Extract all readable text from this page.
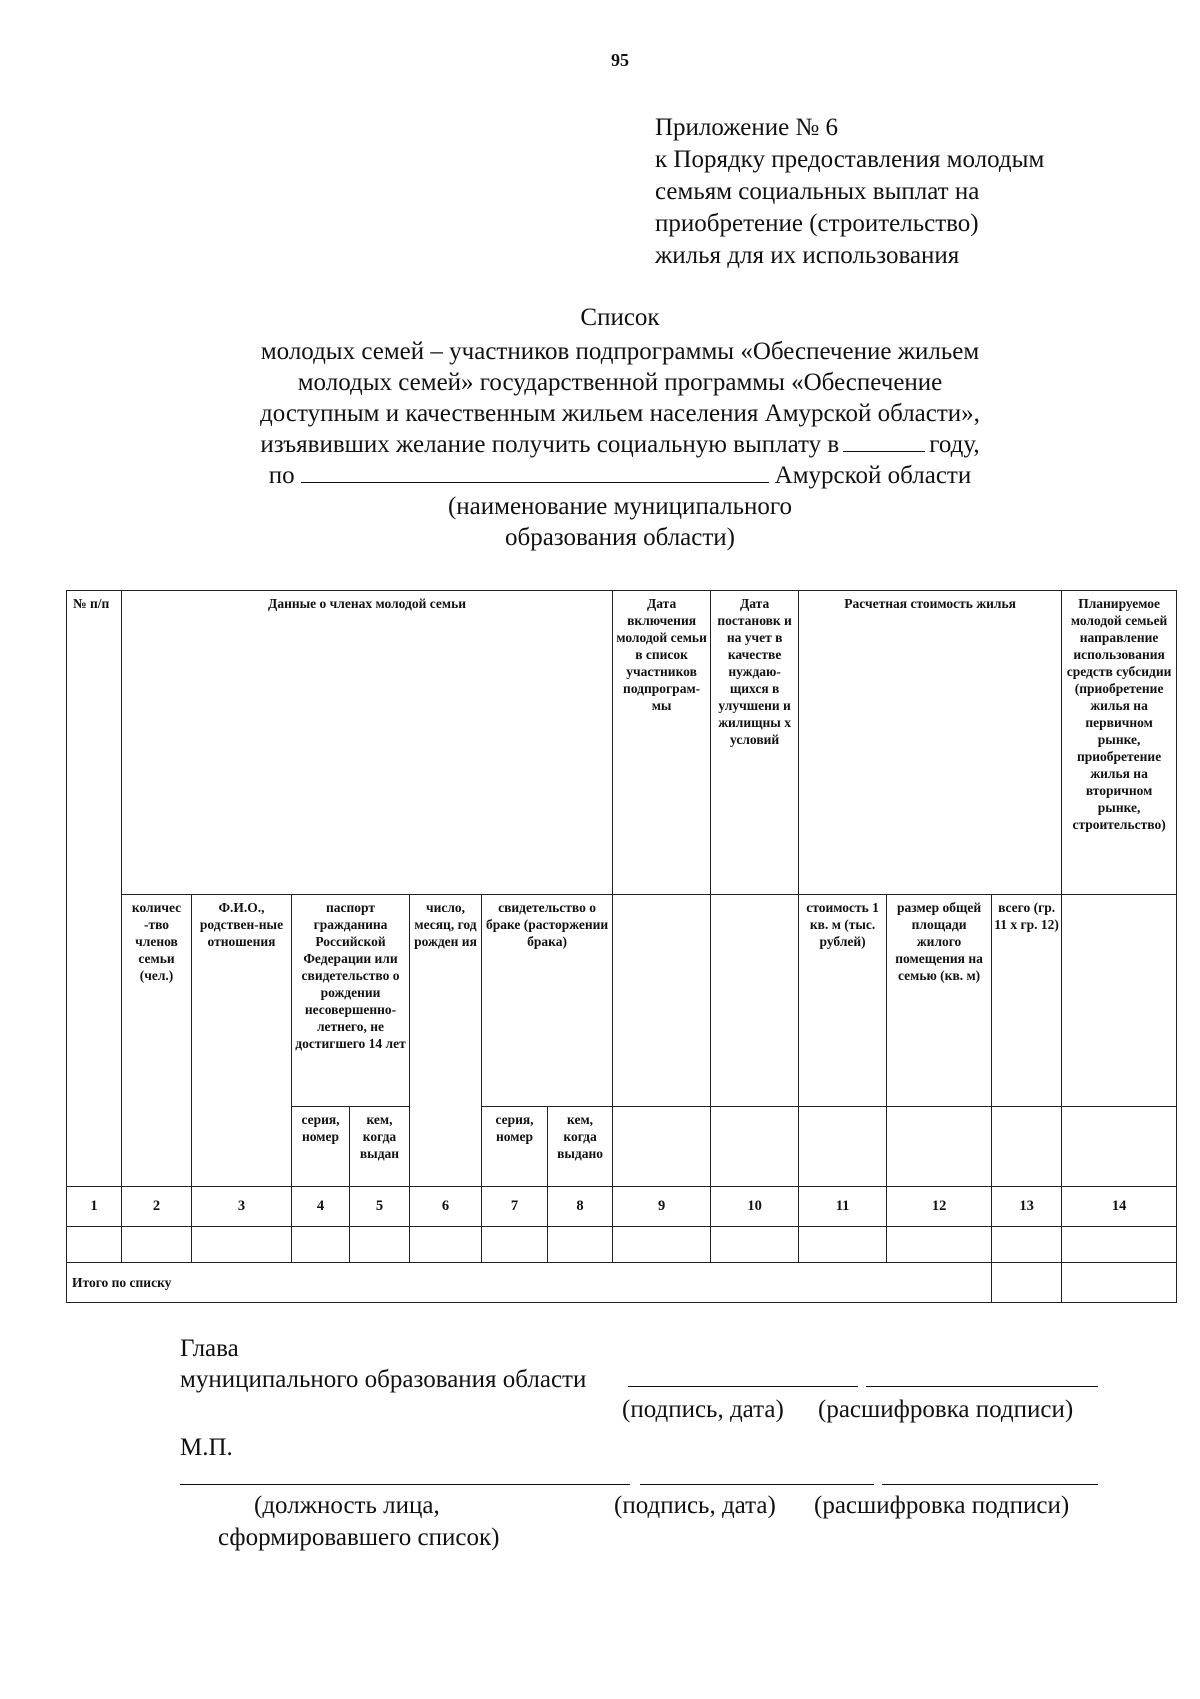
95
Приложение № 6
к Порядку предоставления молодым
семьям социальных выплат на
приобретение (строительство)
жилья для их использования
Список
молодых семей – участников подпрограммы «Обеспечение жильем
молодых семей» государственной программы «Обеспечение
доступным и качественным жильем населения Амурской области»,
изъявивших желание получить социальную выплату в	году,
по	Амурской области
(наименование муниципального
образования области)
№ п/п	Данные о членах молодой семьи							Дата включения молодой семьи в список участников подпрограм-мы	Дата постановк и на учет в качестве нуждаю-щихся в улучшени и жилищны х условий	Расчетная стоимость жилья			Планируемое молодой семьей направление использования средств субсидии (приобретение жилья на первичном рынке, приобретение жилья на вторичном рынке, строительство)
	количес -тво членов семьи (чел.)	Ф.И.О., родствен-ные отношения	паспорт гражданина Российской Федерации или свидетельство о рождении несовершенно-летнего, не достигшего 14 лет		число, месяц, год рожден ия	свидетельство о браке (расторжении брака)				стоимость 1 кв. м (тыс. рублей)	размер общей площади жилого помещения на семью (кв. м)	всего (гр. 11 х гр. 12)	
			серия, номер	кем, когда выдан		серия, номер	кем, когда выдано						
1	2	3	4	5	6	7	8	9	10	11	12	13	14

Итого по списку													
Глава
муниципального образования области
(подпись, дата) (расшифровка подписи)
М.П.
(должность лица,
сформировавшего список)
(подпись, дата) (расшифровка подписи)
